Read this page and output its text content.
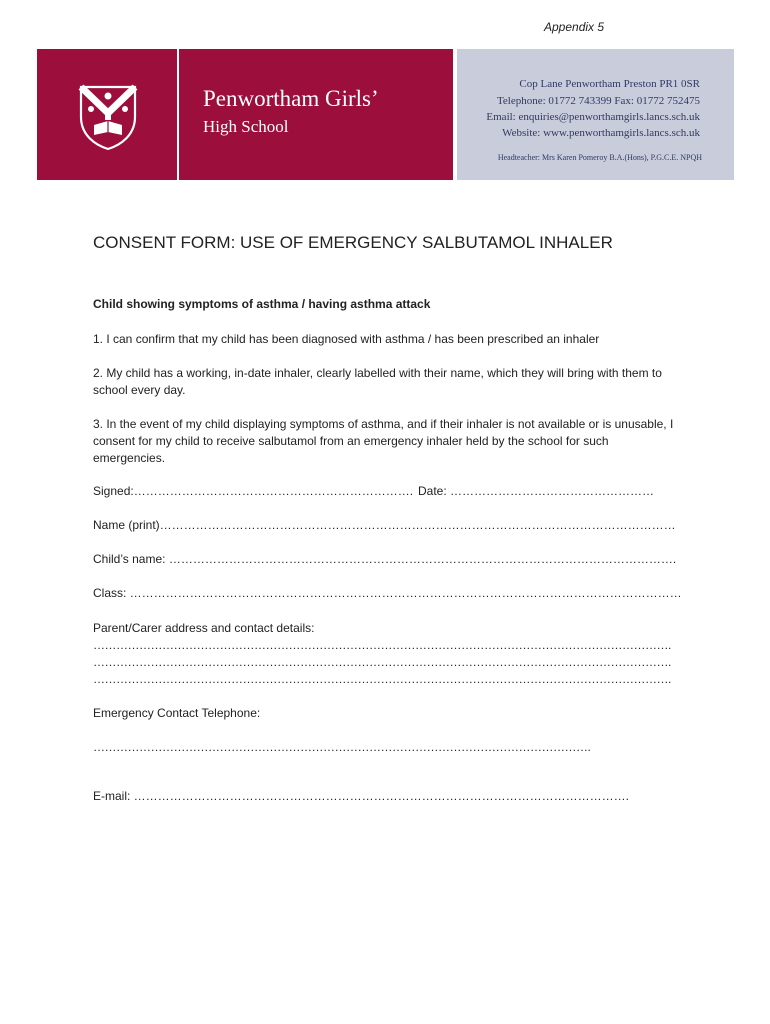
Appendix 5
Penwortham Girls’
High School
Cop Lane Penwortham Preston PR1 0SR
Telephone: 01772 743399 Fax: 01772 752475
Email: enquiries@penworthamgirls.lancs.sch.uk
Website: www.penworthamgirls.lancs.sch.uk
Headteacher: Mrs Karen Pomeroy B.A.(Hons), P.G.C.E. NPQH
CONSENT FORM: USE OF EMERGENCY SALBUTAMOL INHALER
Child showing symptoms of asthma / having asthma attack
1. I can confirm that my child has been diagnosed with asthma / has been prescribed an inhaler
2. My child has a working, in-date inhaler, clearly labelled with their name, which they will bring with them to school every day.
3. In the event of my child displaying symptoms of asthma, and if their inhaler is not available or is unusable, I consent for my child to receive salbutamol from an emergency inhaler held by the school for such emergencies.
Signed:……………………………………………………………. Date: ……………………………………………
Name (print)…………………………………………………………………………………………………………………
Child’s name: ……………………………………………………………………………………………………………….
Class: …………………………………………………………………………………………………………………………
Parent/Carer address and contact details:
…………………………………………………………………………………………………………………………………….
…………………………………………………………………………………………………………………………………….
…………………………………………………………………………………………………………………………………….
Emergency Contact Telephone:
………………………………………………………………………………………………………………….
E-mail: …………………………………………………………………………………………………………….
